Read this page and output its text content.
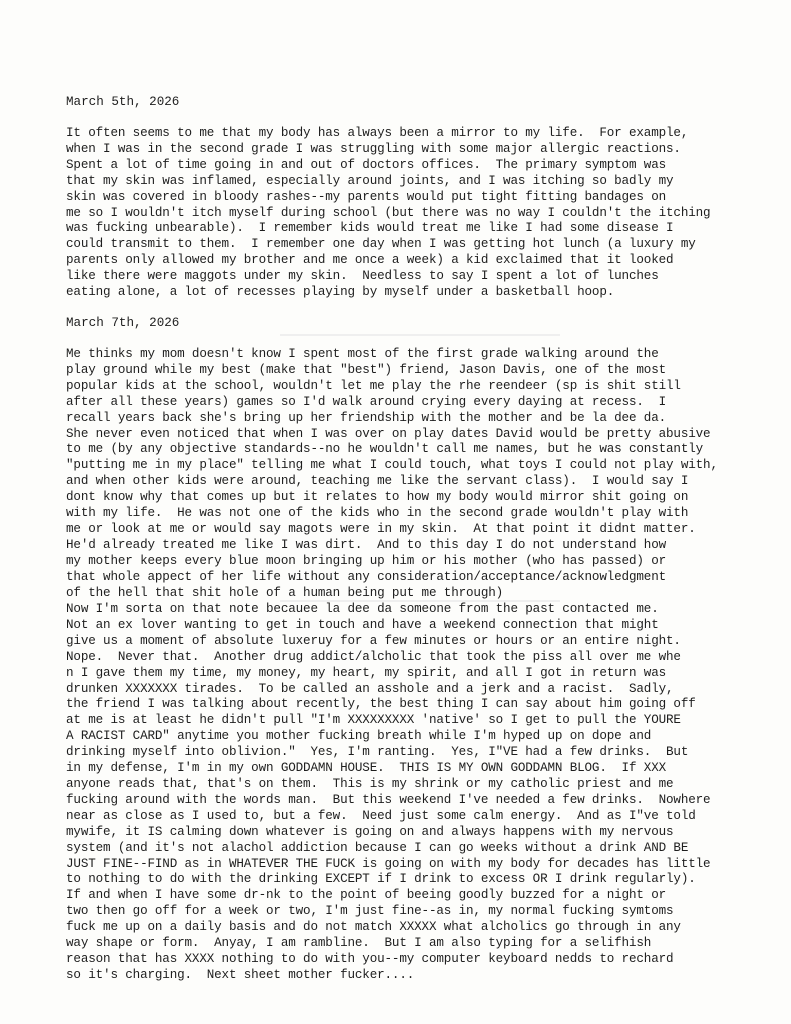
March 5th, 2026
It often seems to me that my body has always been a mirror to my life.  For example,
when I was in the second grade I was struggling with some major allergic reactions.
Spent a lot of time going in and out of doctors offices.  The primary symptom was
that my skin was inflamed, especially around joints, and I was itching so badly my
skin was covered in bloody rashes--my parents would put tight fitting bandages on
me so I wouldn't itch myself during school (but there was no way I couldn't the itching
was fucking unbearable).  I remember kids would treat me like I had some disease I
could transmit to them.  I remember one day when I was getting hot lunch (a luxury my
parents only allowed my brother and me once a week) a kid exclaimed that it looked
like there were maggots under my skin.  Needless to say I spent a lot of lunches
eating alone, a lot of recesses playing by myself under a basketball hoop.
March 7th, 2026
Me thinks my mom doesn't know I spent most of the first grade walking around the
play ground while my best (make that "best") friend, Jason Davis, one of the most
popular kids at the school, wouldn't let me play the rhe reendeer (sp is shit still
after all these years) games so I'd walk around crying every daying at recess.  I
recall years back she's bring up her friendship with the mother and be la dee da.
She never even noticed that when I was over on play dates David would be pretty abusive
to me (by any objective standards--no he wouldn't call me names, but he was constantly
"putting me in my place" telling me what I could touch, what toys I could not play with,
and when other kids were around, teaching me like the servant class).  I would say I
dont know why that comes up but it relates to how my body would mirror shit going on
with my life.  He was not one of the kids who in the second grade wouldn't play with
me or look at me or would say magots were in my skin.  At that point it didnt matter.
He'd already treated me like I was dirt.  And to this day I do not understand how
my mother keeps every blue moon bringing up him or his mother (who has passed) or
that whole appect of her life without any consideration/acceptance/acknowledgment
of the hell that shit hole of a human being put me through)
Now I'm sorta on that note becauee la dee da someone from the past contacted me.
Not an ex lover wanting to get in touch and have a weekend connection that might
give us a moment of absolute luxeruy for a few minutes or hours or an entire night.
Nope.  Never that.  Another drug addict/alcholic that took the piss all over me whe
n I gave them my time, my money, my heart, my spirit, and all I got in return was
drunken XXXXXXX tirades.  To be called an asshole and a jerk and a racist.  Sadly,
the friend I was talking about recently, the best thing I can say about him going off
at me is at least he didn't pull "I'm XXXXXXXXX 'native' so I get to pull the YOURE
A RACIST CARD" anytime you mother fucking breath while I'm hyped up on dope and
drinking myself into oblivion."  Yes, I'm ranting.  Yes, I"VE had a few drinks.  But
in my defense, I'm in my own GODDAMN HOUSE.  THIS IS MY OWN GODDAMN BLOG.  If XXX
anyone reads that, that's on them.  This is my shrink or my catholic priest and me
fucking around with the words man.  But this weekend I've needed a few drinks.  Nowhere
near as close as I used to, but a few.  Need just some calm energy.  And as I"ve told
mywife, it IS calming down whatever is going on and always happens with my nervous
system (and it's not alachol addiction because I can go weeks without a drink AND BE
JUST FINE--FIND as in WHATEVER THE FUCK is going on with my body for decades has little
to nothing to do with the drinking EXCEPT if I drink to excess OR I drink regularly).
If and when I have some dr-nk to the point of beeing goodly buzzed for a night or
two then go off for a week or two, I'm just fine--as in, my normal fucking symtoms
fuck me up on a daily basis and do not match XXXXX what alcholics go through in any
way shape or form.  Anyay, I am rambline.  But I am also typing for a selifhish
reason that has XXXX nothing to do with you--my computer keyboard nedds to rechard
so it's charging.  Next sheet mother fucker....
